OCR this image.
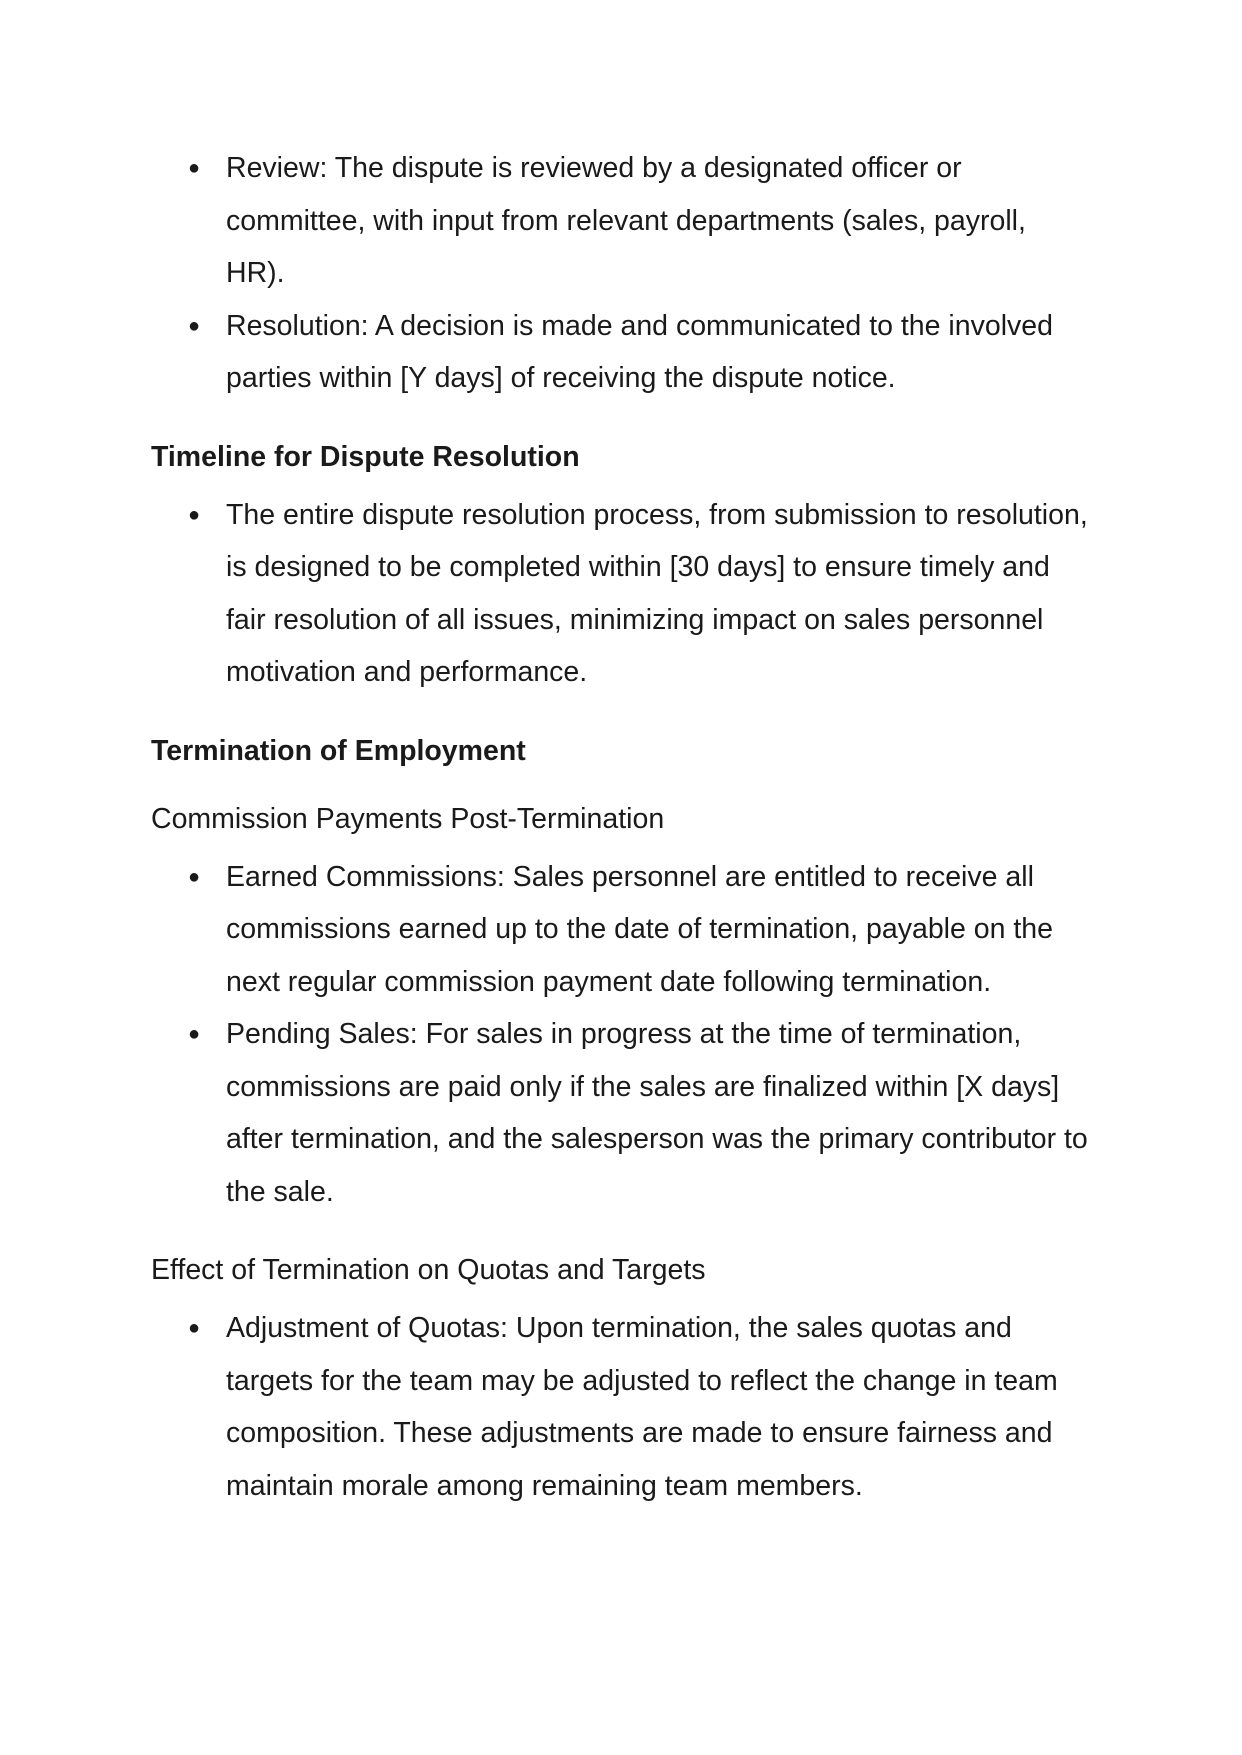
● Review: The dispute is reviewed by a designated officer or committee, with input from relevant departments (sales, payroll, HR).
● Resolution: A decision is made and communicated to the involved parties within [Y days] of receiving the dispute notice.

Timeline for Dispute Resolution

● The entire dispute resolution process, from submission to resolution, is designed to be completed within [30 days] to ensure timely and fair resolution of all issues, minimizing impact on sales personnel motivation and performance.

Termination of Employment

Commission Payments Post-Termination

● Earned Commissions: Sales personnel are entitled to receive all commissions earned up to the date of termination, payable on the next regular commission payment date following termination.
● Pending Sales: For sales in progress at the time of termination, commissions are paid only if the sales are finalized within [X days] after termination, and the salesperson was the primary contributor to the sale.

Effect of Termination on Quotas and Targets

● Adjustment of Quotas: Upon termination, the sales quotas and targets for the team may be adjusted to reflect the change in team composition. These adjustments are made to ensure fairness and maintain morale among remaining team members.
